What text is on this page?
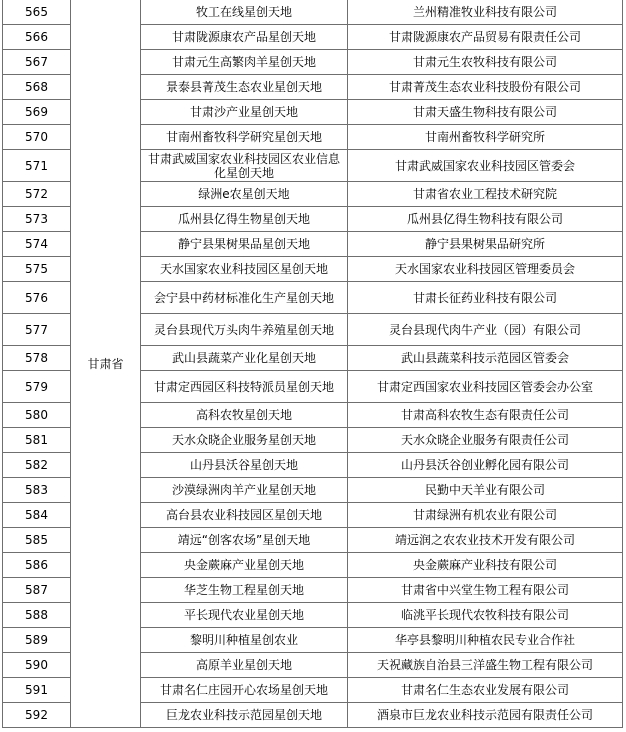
565	甘肃省	牧工在线星创天地	兰州精准牧业科技有限公司
566		甘肃陇源康农产品星创天地	甘肃陇源康农产品贸易有限责任公司
567		甘肃元生高繁肉羊星创天地	甘肃元生农牧科技有限公司
568		景泰县菁茂生态农业星创天地	甘肃菁茂生态农业科技股份有限公司
569		甘肃沙产业星创天地	甘肃天盛生物科技有限公司
570		甘南州畜牧科学研究星创天地	甘南州畜牧科学研究所
571		甘肃武威国家农业科技园区农业信息化星创天地	甘肃武威国家农业科技园区管委会
572		绿洲e农星创天地	甘肃省农业工程技术研究院
573		瓜州县亿得生物星创天地	瓜州县亿得生物科技有限公司
574		静宁县果树果品星创天地	静宁县果树果品研究所
575		天水国家农业科技园区星创天地	天水国家农业科技园区管理委员会
576		会宁县中药材标准化生产星创天地	甘肃长征药业科技有限公司
577		灵台县现代万头肉牛养殖星创天地	灵台县现代肉牛产业（园）有限公司
578		武山县蔬菜产业化星创天地	武山县蔬菜科技示范园区管委会
579		甘肃定西园区科技特派员星创天地	甘肃定西国家农业科技园区管委会办公室
580		高科农牧星创天地	甘肃高科农牧生态有限责任公司
581		天水众晓企业服务星创天地	天水众晓企业服务有限责任公司
582		山丹县沃谷星创天地	山丹县沃谷创业孵化园有限公司
583		沙漠绿洲肉羊产业星创天地	民勤中天羊业有限公司
584		高台县农业科技园区星创天地	甘肃绿洲有机农业有限公司
585		靖远“创客农场”星创天地	靖远润之农农业技术开发有限公司
586		央金蕨麻产业星创天地	央金蕨麻产业科技有限公司
587		华芝生物工程星创天地	甘肃省中兴堂生物工程有限公司
588		平长现代农业星创天地	临洮平长现代农牧科技有限公司
589		黎明川种植星创农业	华亭县黎明川种植农民专业合作社
590		高原羊业星创天地	天祝藏族自治县三洋盛生物工程有限公司
591		甘肃名仁庄园开心农场星创天地	甘肃名仁生态农业发展有限公司
592		巨龙农业科技示范园星创天地	酒泉市巨龙农业科技示范园有限责任公司
